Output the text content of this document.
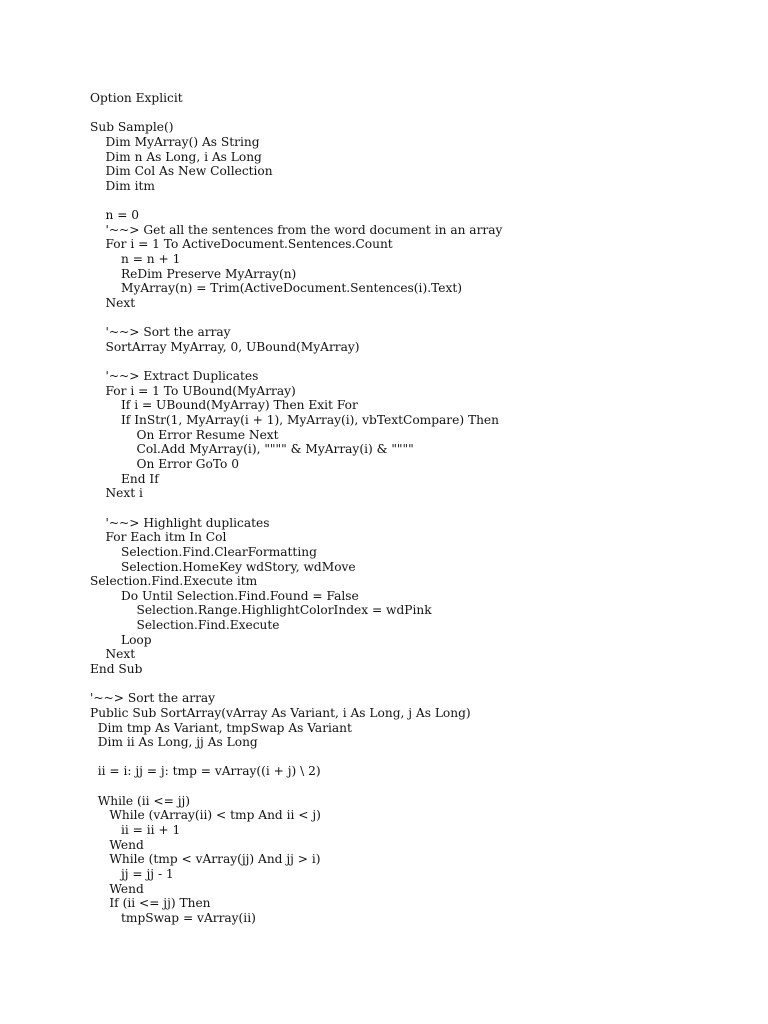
Option Explicit
Sub Sample()
Dim MyArray() As String
Dim n As Long, i As Long
Dim Col As New Collection
Dim itm
n = 0
'~~> Get all the sentences from the word document in an array
For i = 1 To ActiveDocument.Sentences.Count
n = n + 1
ReDim Preserve MyArray(n)
MyArray(n) = Trim(ActiveDocument.Sentences(i).Text)
Next
'~~> Sort the array
SortArray MyArray, 0, UBound(MyArray)
'~~> Extract Duplicates
For i = 1 To UBound(MyArray)
If i = UBound(MyArray) Then Exit For
If InStr(1, MyArray(i + 1), MyArray(i), vbTextCompare) Then
On Error Resume Next
Col.Add MyArray(i), """" & MyArray(i) & """"
On Error GoTo 0
End If
Next i
'~~> Highlight duplicates
For Each itm In Col
Selection.Find.ClearFormatting
Selection.HomeKey wdStory, wdMove
Selection.Find.Execute itm
Do Until Selection.Find.Found = False
Selection.Range.HighlightColorIndex = wdPink
Selection.Find.Execute
Loop
Next
End Sub
'~~> Sort the array
Public Sub SortArray(vArray As Variant, i As Long, j As Long)
Dim tmp As Variant, tmpSwap As Variant
Dim ii As Long, jj As Long
ii = i: jj = j: tmp = vArray((i + j) \ 2)
While (ii <= jj)
While (vArray(ii) < tmp And ii < j)
ii = ii + 1
Wend
While (tmp < vArray(jj) And jj > i)
jj = jj - 1
Wend
If (ii <= jj) Then
tmpSwap = vArray(ii)
